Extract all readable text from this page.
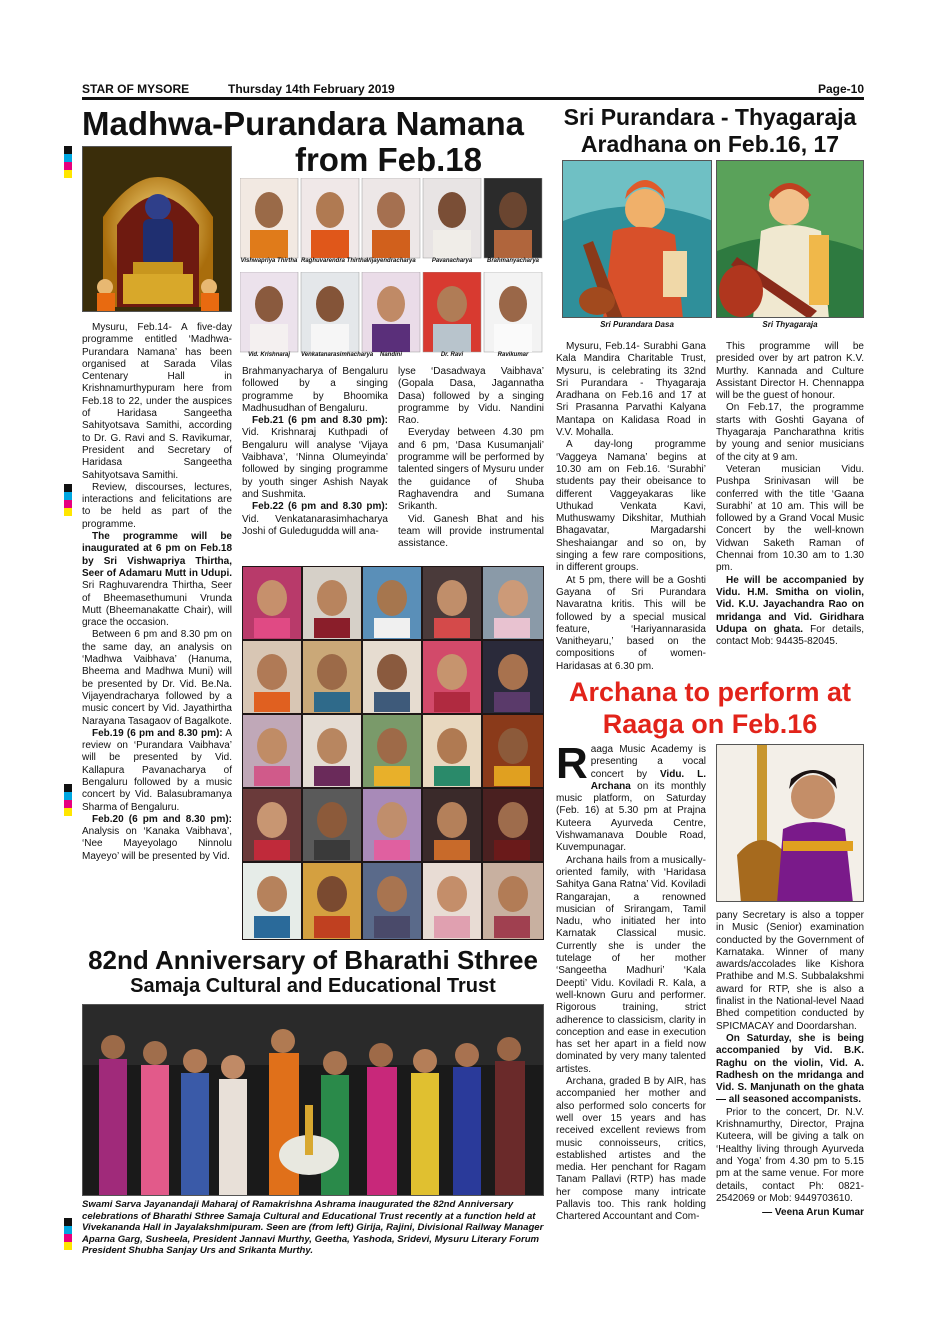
STAR OF MYSORE	Thursday 14th February 2019	Page-10
Madhwa-Purandara Namana
from Feb.18
Vishwapriya Thirtha Raghuvarendra Thirtha Vijayendracharya	Pavanacharya	Brahmanyacharya
Vid. Krishnaraj	Venkatanarasimhacharya	Nandini	Dr. Ravi	Ravikumar

Mysuru, Feb.14- A five-day programme entitled ‘Madhwa-Purandara Namana’ has been organised at Sarada Vilas Centenary Hall in Krishnamurthypuram here from Feb.18 to 22, under the auspices of Haridasa Sangeetha Sahityotsava Samithi, according to Dr. G. Ravi and S. Ravikumar, President and Secretary of Haridasa Sangeetha Sahityotsava Samithi.

Review, discourses, lectures, interactions and felicitations are to be held as part of the programme.

The programme will be inaugurated at 6 pm on Feb.18 by Sri Vishwapriya Thirtha, Seer of Adamaru Mutt in Udupi. Sri Raghuvarendra Thirtha, Seer of Bheemasethumuni Vrunda Mutt (Bheemanakatte Chair), will grace the occasion.

Between 6 pm and 8.30 pm on the same day, an analysis on ‘Madhwa Vaibhava’ (Hanuma, Bheema and Madhwa Muni) will be presented by Dr. Vid. Be.Na. Vijayendracharya followed by a music concert by Vid. Jayathirtha Narayana Tasagaov of Bagalkote.

Feb.19 (6 pm and 8.30 pm): A review on ‘Purandara Vaibhava’ will be presented by Vid. Kallapura Pavanacharya of Bengaluru followed by a music concert by Vid. Balasubramanya Sharma of Bengaluru.

Feb.20 (6 pm and 8.30 pm): Analysis on ‘Kanaka Vaibhava’, ‘Nee Mayeyolago Ninnolu Mayeyo’ will be presented by Vid.

Brahmanyacharya of Bengaluru followed by a singing programme by Bhoomika Madhusudhan of Bengaluru.

Feb.21 (6 pm and 8.30 pm): Vid. Krishnaraj Kuthpadi of Bengaluru will analyse ‘Vijaya Vaibhava’, ‘Ninna Olumeyinda’ followed by singing programme by youth singer Ashish Nayak and Sushmita.

Feb.22 (6 pm and 8.30 pm): Vid. Venkatanarasimhacharya Joshi of Guledugudda will ana-

lyse ‘Dasadwaya Vaibhava’ (Gopala Dasa, Jagannatha Dasa) followed by a singing programme by Vidu. Nandini Rao.

Everyday between 4.30 pm and 6 pm, ‘Dasa Kusumanjali’ programme will be performed by talented singers of Mysuru under the guidance of Shuba Raghavendra and Sumana Srikanth.

Vid. Ganesh Bhat and his team will provide instrumental assistance.

Sri Purandara - Thyagaraja
Aradhana on Feb.16, 17
Sri Purandara Dasa	Sri Thyagaraja

Mysuru, Feb.14- Surabhi Gana Kala Mandira Charitable Trust, Mysuru, is celebrating its 32nd Sri Purandara - Thyagaraja Aradhana on Feb.16 and 17 at Sri Prasanna Parvathi Kalyana Mantapa on Kalidasa Road in V.V. Mohalla.

A day-long programme ‘Vaggeya Namana’ begins at 10.30 am on Feb.16. ‘Surabhi’ students pay their obeisance to different Vaggeyakaras like Uthukad Venkata Kavi, Muthuswamy Dikshitar, Muthiah Bhagavatar, Margadarshi Sheshaiangar and so on, by singing a few rare compositions, in different groups.

At 5 pm, there will be a Goshti Gayana of Sri Purandara Navaratna kritis. This will be followed by a special musical feature, ‘Hariyannarasida Vanitheyaru,’ based on the compositions of women-Haridasas at 6.30 pm.

This programme will be presided over by art patron K.V. Murthy. Kannada and Culture Assistant Director H. Chennappa will be the guest of honour.

On Feb.17, the programme starts with Goshti Gayana of Thyagaraja Pancharathna kritis by young and senior musicians of the city at 9 am.

Veteran musician Vidu. Pushpa Srinivasan will be conferred with the title ‘Gaana Surabhi’ at 10 am. This will be followed by a Grand Vocal Music Concert by the well-known Vidwan Saketh Raman of Chennai from 10.30 am to 1.30 pm.

He will be accompanied by Vidu. H.M. Smitha on violin, Vid. K.U. Jayachandra Rao on mridanga and Vid. Giridhara Udupa on ghata. For details, contact Mob: 94435-82045.

Archana to perform at
Raaga on Feb.16

Raaga Music Academy is presenting a vocal concert by Vidu. L. Archana on its monthly music platform, on Saturday (Feb. 16) at 5.30 pm at Prajna Kuteera Ayurveda Centre, Vishwamanava Double Road, Kuvempunagar.

Archana hails from a musically-oriented family, with ‘Haridasa Sahitya Gana Ratna’ Vid. Koviladi Rangarajan, a renowned musician of Srirangam, Tamil Nadu, who initiated her into Karnatak Classical music. Currently she is under the tutelage of her mother ‘Sangeetha Madhuri’ ‘Kala Deepti’ Vidu. Koviladi R. Kala, a well-known Guru and performer. Rigorous training, strict adherence to classicism, clarity in conception and ease in execution has set her apart in a field now dominated by very many talented artistes.

Archana, graded B by AIR, has accompanied her mother and also performed solo concerts for well over 15 years and has received excellent reviews from music connoisseurs, critics, established artistes and the media. Her penchant for Ragam Tanam Pallavi (RTP) has made her compose many intricate Pallavis too. This rank holding Chartered Accountant and Com-

pany Secretary is also a topper in Music (Senior) examination conducted by the Government of Karnataka. Winner of many awards/accolades like Kishora Prathibe and M.S. Subbalakshmi award for RTP, she is also a finalist in the National-level Naad Bhed competition conducted by SPICMACAY and Doordarshan.

On Saturday, she is being accompanied by Vid. B.K. Raghu on the violin, Vid. A. Radhesh on the mridanga and Vid. S. Manjunath on the ghata — all seasoned accompanists.

Prior to the concert, Dr. N.V. Krishnamurthy, Director, Prajna Kuteera, will be giving a talk on ‘Healthy living through Ayurveda and Yoga’ from 4.30 pm to 5.15 pm at the same venue. For more details, contact Ph: 0821-2542069 or Mob: 9449703610.

— Veena Arun Kumar

82nd Anniversary of Bharathi Sthree
Samaja Cultural and Educational Trust
Swami Sarva Jayanandaji Maharaj of Ramakrishna Ashrama inaugurated the 82nd Anniversary celebrations of Bharathi Sthree Samaja Cultural and Educational Trust recently at a function held at Vivekananda Hall in Jayalakshmipuram. Seen are (from left) Girija, Rajini, Divisional Railway Manager Aparna Garg, Susheela, President Jannavi Murthy, Geetha, Yashoda, Sridevi, Mysuru Literary Forum President Shubha Sanjay Urs and Srikanta Murthy.
